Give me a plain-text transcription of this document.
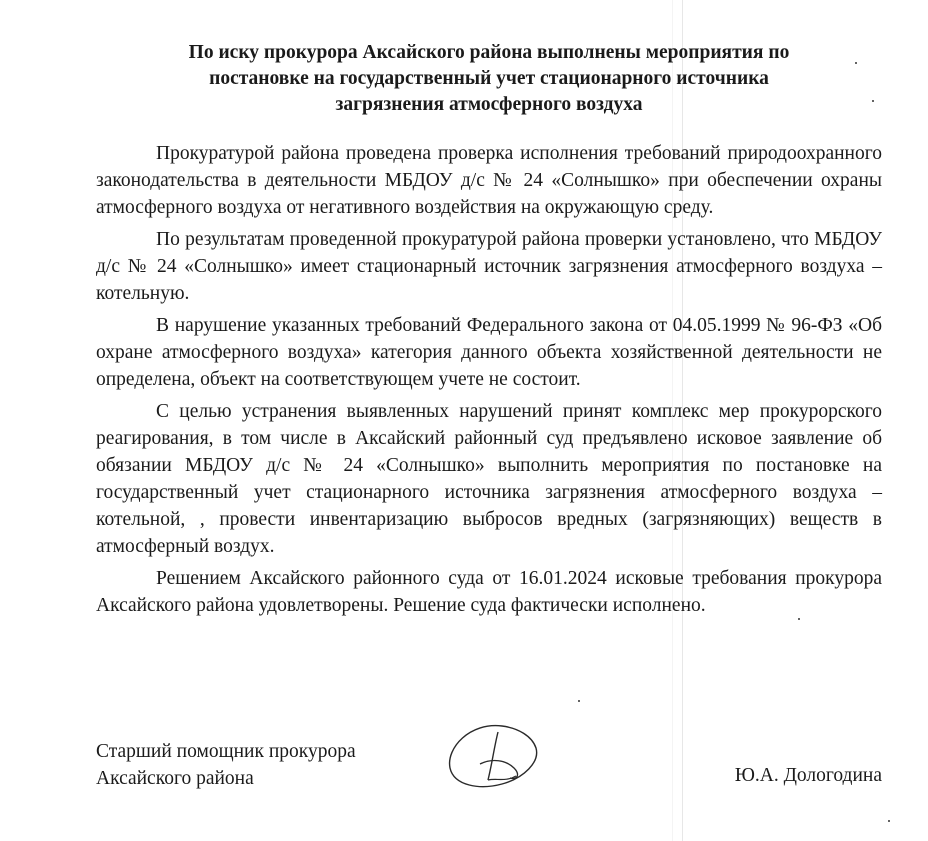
По иску прокурора Аксайского района выполнены мероприятия по
постановке на государственный учет стационарного источника
загрязнения атмосферного воздуха

Прокуратурой района проведена проверка исполнения требований природоохранного законодательства в деятельности МБДОУ д/с № 24 «Солнышко» при обеспечении охраны атмосферного воздуха от негативного воздействия на окружающую среду.

По результатам проведенной прокуратурой района проверки установлено, что МБДОУ д/с № 24 «Солнышко» имеет стационарный источник загрязнения атмосферного воздуха – котельную.

В нарушение указанных требований Федерального закона от 04.05.1999 № 96-ФЗ «Об охране атмосферного воздуха» категория данного объекта хозяйственной деятельности не определена, объект на соответствующем учете не состоит.

С целью устранения выявленных нарушений принят комплекс мер прокурорского реагирования, в том числе в Аксайский районный суд предъявлено исковое заявление об обязании МБДОУ д/с № 24 «Солнышко» выполнить мероприятия по постановке на государственный учет стационарного источника загрязнения атмосферного воздуха – котельной, , провести инвентаризацию выбросов вредных (загрязняющих) веществ в атмосферный воздух.

Решением Аксайского районного суда от 16.01.2024 исковые требования прокурора Аксайского района удовлетворены. Решение суда фактически исполнено.

Старший помощник прокурора
Аксайского района	Ю.А. Дологодина
